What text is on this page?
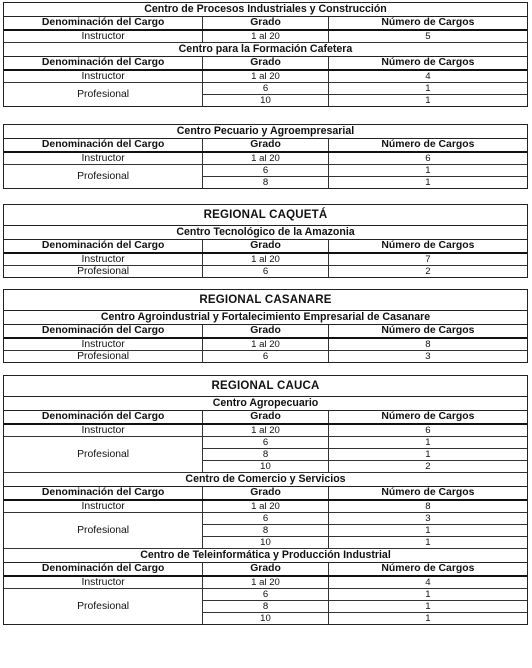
Centro de Procesos Industriales y Construcción
Denominación del Cargo	Grado	Número de Cargos
Instructor	1 al 20	5
Centro para la Formación Cafetera
Denominación del Cargo	Grado	Número de Cargos
Instructor	1 al 20	4
Profesional	6	1
	10	1
Centro Pecuario y Agroempresarial
Denominación del Cargo	Grado	Número de Cargos
Instructor	1 al 20	6
Profesional	6	1
	8	1
REGIONAL CAQUETÁ
Centro Tecnológico de la Amazonia
Denominación del Cargo	Grado	Número de Cargos
Instructor	1 al 20	7
Profesional	6	2
REGIONAL CASANARE
Centro Agroindustrial y Fortalecimiento Empresarial de Casanare
Denominación del Cargo	Grado	Número de Cargos
Instructor	1 al 20	8
Profesional	6	3
REGIONAL CAUCA
Centro Agropecuario
Denominación del Cargo	Grado	Número de Cargos
Instructor	1 al 20	6
Profesional	6	1
	8	1
	10	2
Centro de Comercio y Servicios
Denominación del Cargo	Grado	Número de Cargos
Instructor	1 al 20	8
Profesional	6	3
	8	1
	10	1
Centro de Teleinformática y Producción Industrial
Denominación del Cargo	Grado	Número de Cargos
Instructor	1 al 20	4
Profesional	6	1
	8	1
	10	1
